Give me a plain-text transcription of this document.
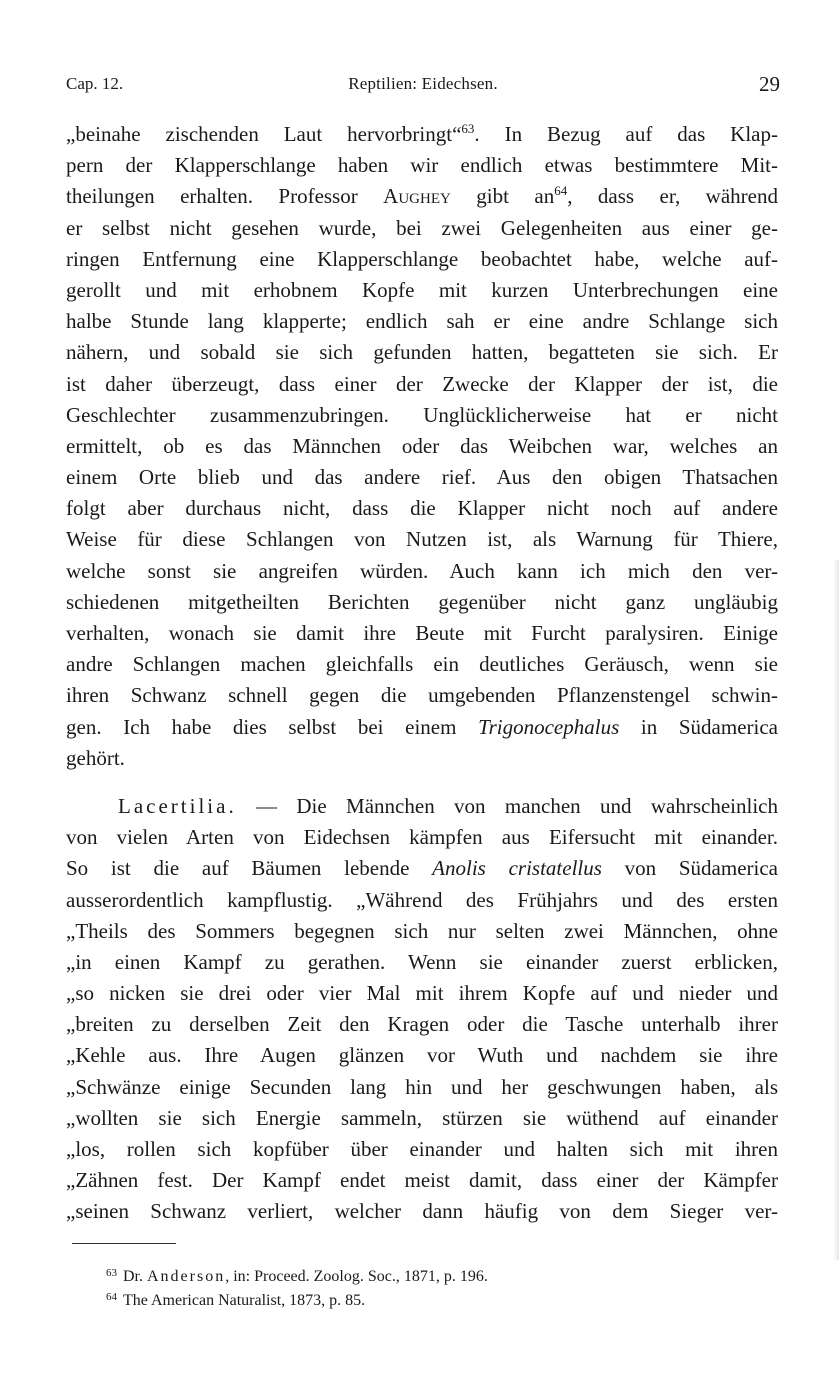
Cap. 12.	Reptilien: Eidechsen.	29
„beinahe zischenden Laut hervorbringt“$^{63}$. In Bezug auf das Klap-
pern der Klapperschlange haben wir endlich etwas bestimmtere Mit-
theilungen erhalten. Professor Aughey gibt $an^{64}$, dass er, während
er selbst nicht gesehen wurde, bei zwei Gelegenheiten aus einer ge-
ringen Entfernung eine Klapperschlange beobachtet habe, welche auf-
gerollt und mit erhobnem Kopfe mit kurzen Unterbrechungen eine
halbe Stunde lang klapperte; endlich sah er eine andre Schlange sich
nähern, und sobald sie sich gefunden hatten, begatteten sie sich. Er
ist daher überzeugt, dass einer der Zwecke der Klapper der ist, die
Geschlechter zusammenzubringen. Unglücklicherweise hat er nicht
ermittelt, ob es das Männchen oder das Weibchen war, welches an
einem Orte blieb und das andere rief. Aus den obigen Thatsachen
folgt aber durchaus nicht, dass die Klapper nicht noch auf andere
Weise für diese Schlangen von Nutzen ist, als Warnung für Thiere,
welche sonst sie angreifen würden. Auch kann ich mich den ver-
schiedenen mitgetheilten Berichten gegenüber nicht ganz ungläubig
verhalten, wonach sie damit ihre Beute mit Furcht paralysiren. Einige
andre Schlangen machen gleichfalls ein deutliches Geräusch, wenn sie
ihren Schwanz schnell gegen die umgebenden Pflanzenstengel schwin-
gen. Ich habe dies selbst bei einem Trigonocephalus in Südamerica
gehört.
Lacertilia. — Die Männchen von manchen und wahrscheinlich
von vielen Arten von Eidechsen kämpfen aus Eifersucht mit einander.
So ist die auf Bäumen lebende Anolis cristatellus von Südamerica
ausserordentlich kampflustig. „Während des Frühjahrs und des ersten
„Theils des Sommers begegnen sich nur selten zwei Männchen, ohne
„in einen Kampf zu gerathen. Wenn sie einander zuerst erblicken,
„so nicken sie drei oder vier Mal mit ihrem Kopfe auf und nieder und
„breiten zu derselben Zeit den Kragen oder die Tasche unterhalb ihrer
„Kehle aus. Ihre Augen glänzen vor Wuth und nachdem sie ihre
„Schwänze einige Secunden lang hin und her geschwungen haben, als
„wollten sie sich Energie sammeln, stürzen sie wüthend auf einander
„los, rollen sich kopfüber über einander und halten sich mit ihren
„Zähnen fest. Der Kampf endet meist damit, dass einer der Kämpfer
„seinen Schwanz verliert, welcher dann häufig von dem Sieger ver-
$^{63}$ Dr. Anderson, in: Proceed. Zoolog. Soc., 1871, p. 196.
$^{64}$ The American Naturalist, 1873, p. 85.
